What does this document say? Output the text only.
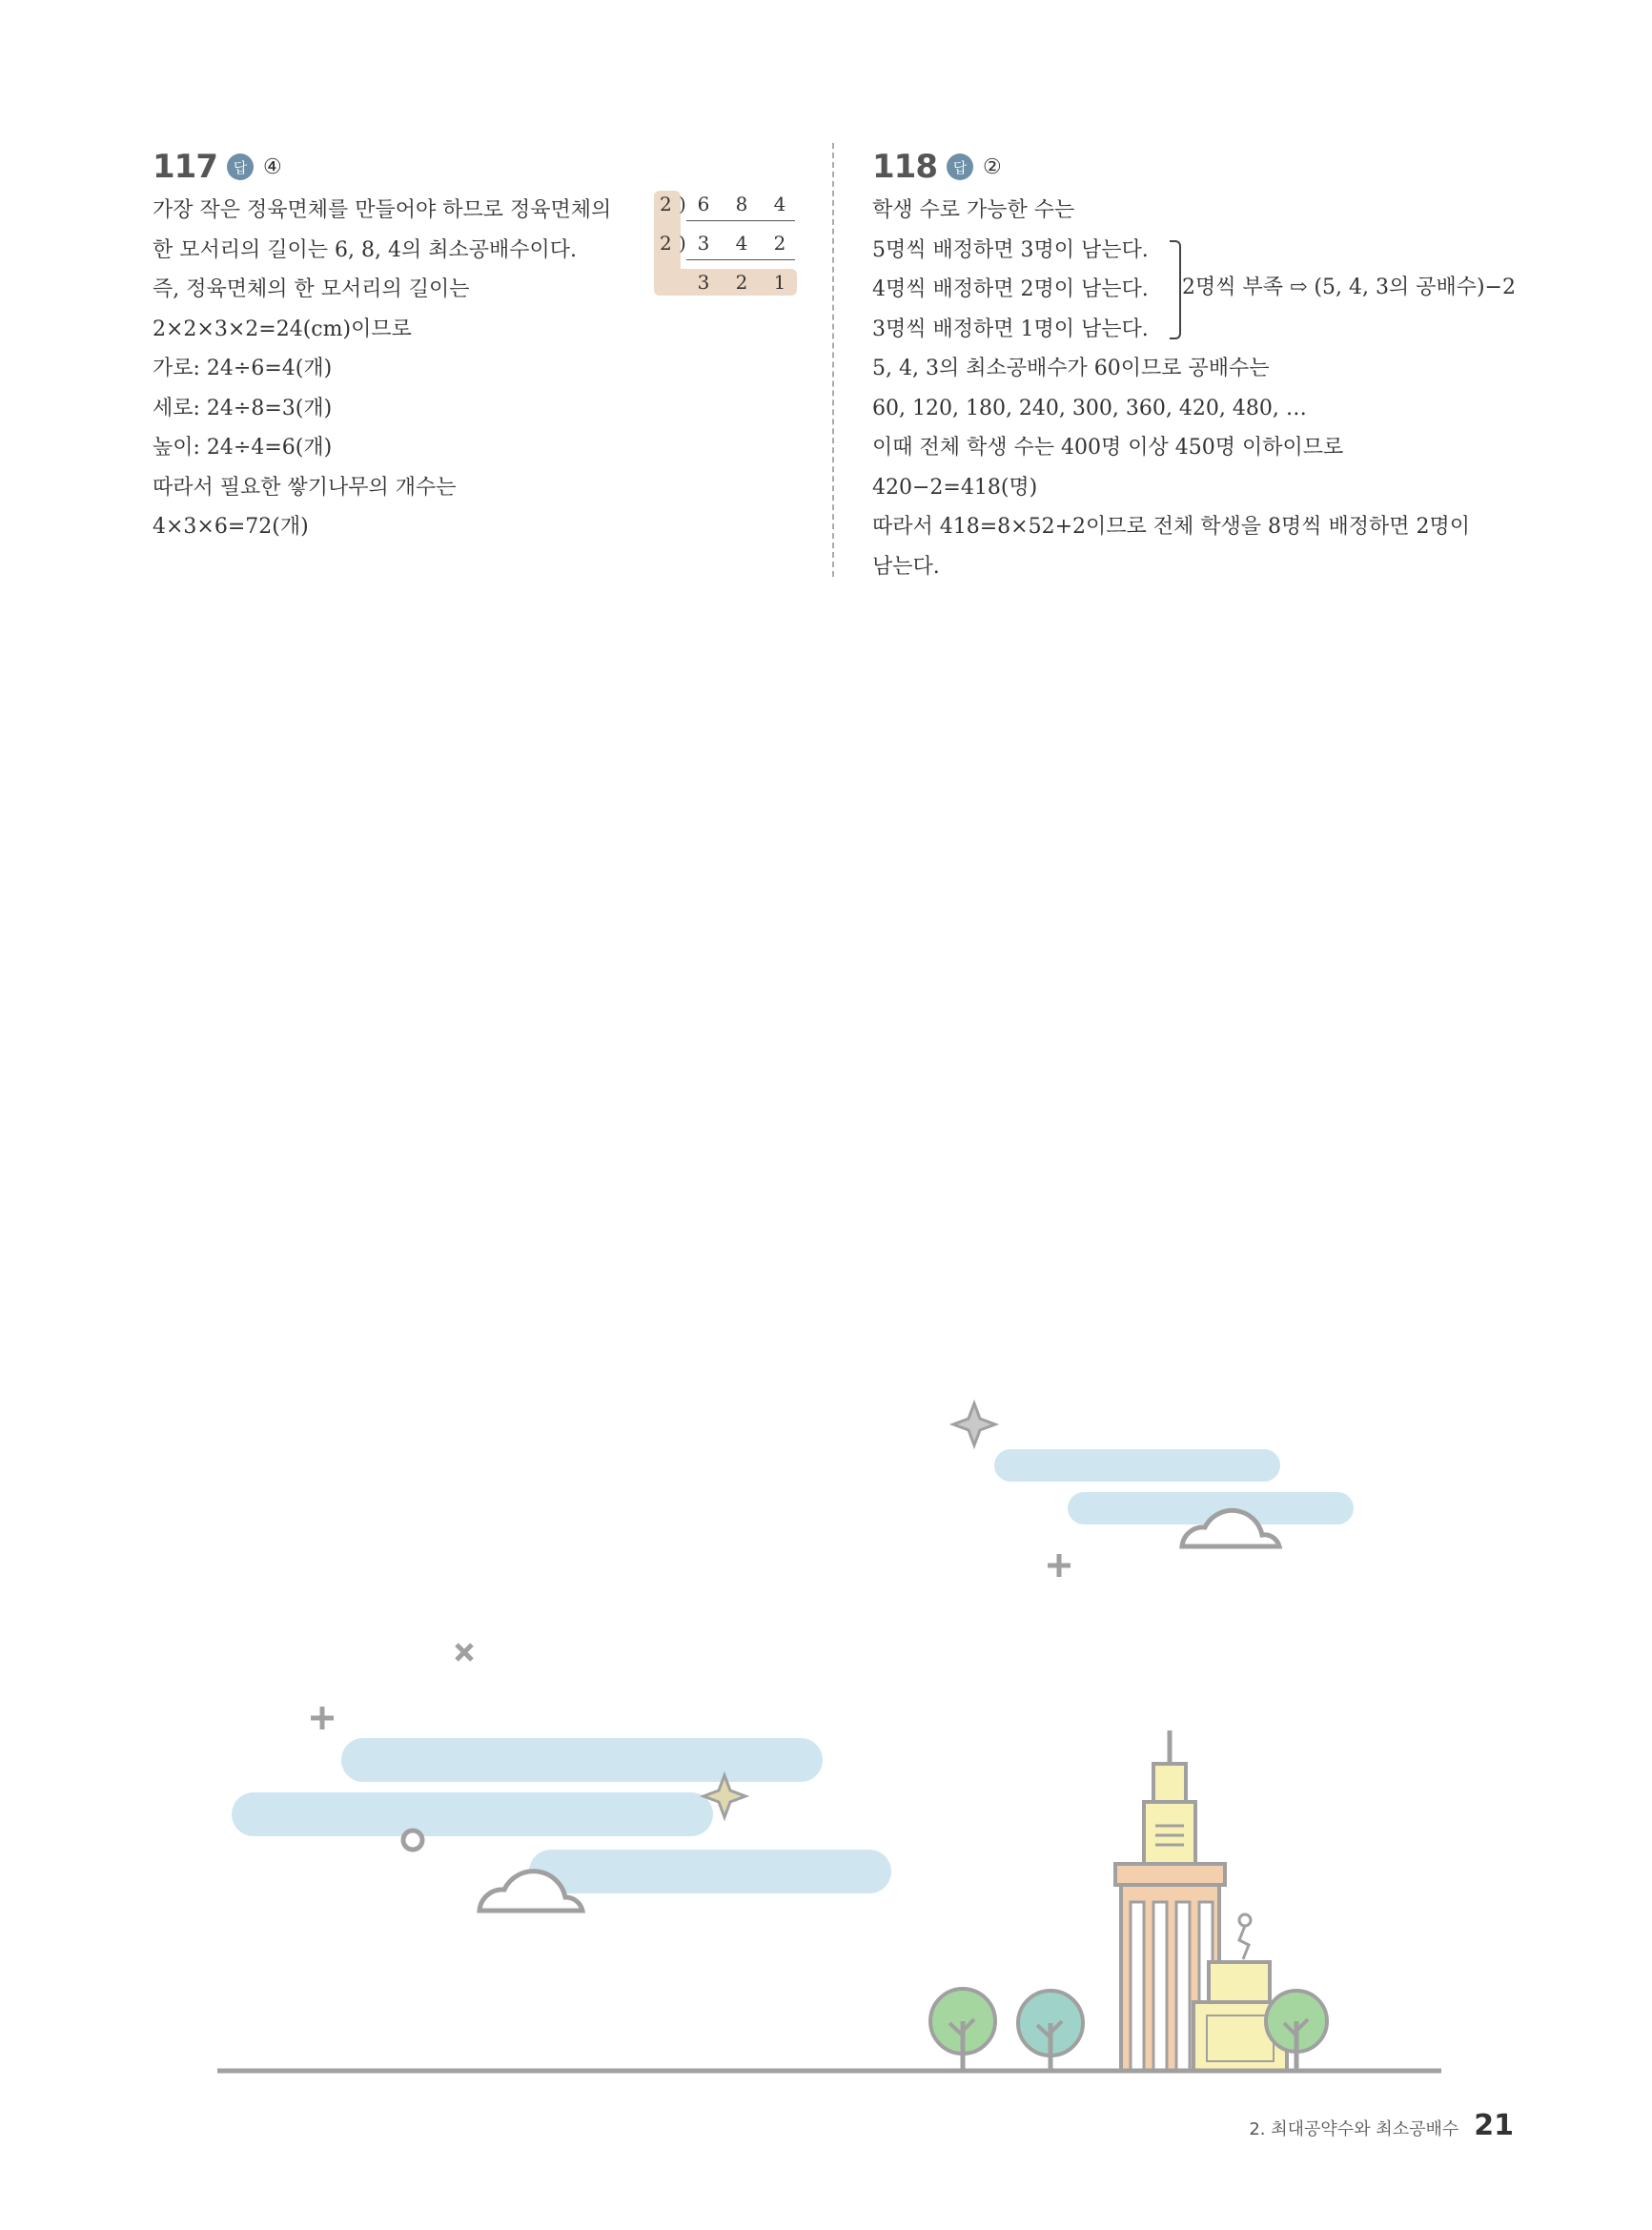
117	답 ④
가장 작은 정육면체를 만들어야 하므로 정육면체의
한 모서리의 길이는 6, 8, 4의 최소공배수이다.
즉, 정육면체의 한 모서리의 길이는
2×2×3×2=24(cm)이므로
가로: 24÷6=4(개)
세로: 24÷8=3(개)
높이: 24÷4=6(개)
따라서 필요한 쌓기나무의 개수는
4×3×6=72(개)
2 ) 6 8 4
2 ) 3 4 2
3 2 1
118	답 ②
학생 수로 가능한 수는
5명씩 배정하면 3명이 남는다.
4명씩 배정하면 2명이 남는다.
3명씩 배정하면 1명이 남는다.
2명씩 부족 ⇨ (5, 4, 3의 공배수)−2
5, 4, 3의 최소공배수가 60이므로 공배수는
60, 120, 180, 240, 300, 360, 420, 480, …
이때 전체 학생 수는 400명 이상 450명 이하이므로
420−2=418(명)
따라서 418=8×52+2이므로 전체 학생을 8명씩 배정하면 2명이
남는다.
2. 최대공약수와 최소공배수 21
